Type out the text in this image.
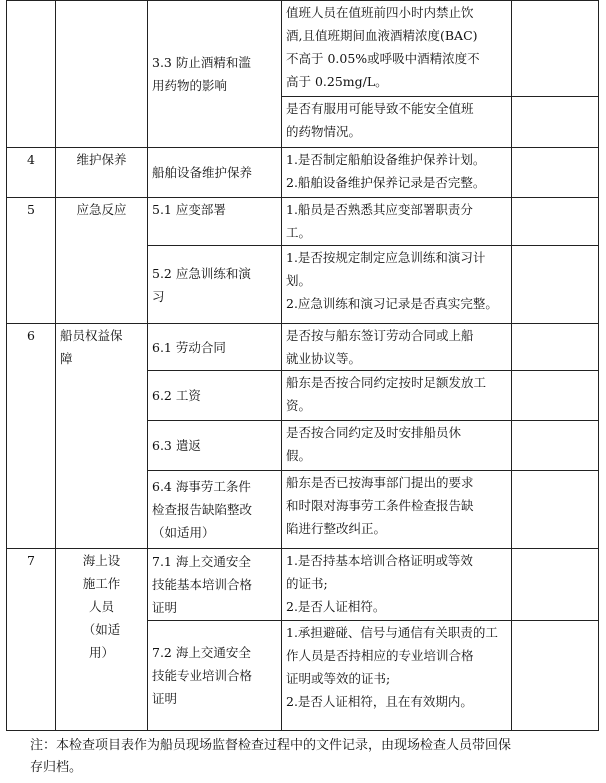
		3.3 防止酒精和滥
用药物的影响	值班人员在值班前四小时内禁止饮
酒,且值班期间血液酒精浓度(BAC)
不高于 0.05%或呼吸中酒精浓度不
高于 0.25mg/L。	
			是否有服用可能导致不能安全值班
的药物情况。	
4	维护保养	船舶设备维护保养	1.是否制定船舶设备维护保养计划。
2.船舶设备维护保养记录是否完整。	
5	应急反应	5.1 应变部署	1.船员是否熟悉其应变部署职责分
工。	
		5.2 应急训练和演
习	1.是否按规定制定应急训练和演习计
划。
2.应急训练和演习记录是否真实完整。	
6	船员权益保
障	6.1 劳动合同	是否按与船东签订劳动合同或上船
就业协议等。	
		6.2 工资	船东是否按合同约定按时足额发放工
资。	
		6.3 遣返	是否按合同约定及时安排船员休
假。	
		6.4 海事劳工条件
检查报告缺陷整改
（如适用）	船东是否已按海事部门提出的要求
和时限对海事劳工条件检查报告缺
陷进行整改纠正。	
7	海上设
施工作
人员
（如适
用）	7.1 海上交通安全
技能基本培训合格
证明	1.是否持基本培训合格证明或等效
的证书;
2.是否人证相符。	
		7.2 海上交通安全
技能专业培训合格
证明	1.承担避碰、信号与通信有关职责的工
作人员是否持相应的专业培训合格
证明或等效的证书;
2.是否人证相符，且在有效期内。	
注：本检查项目表作为船员现场监督检查过程中的文件记录，由现场检查人员带回保
存归档。
